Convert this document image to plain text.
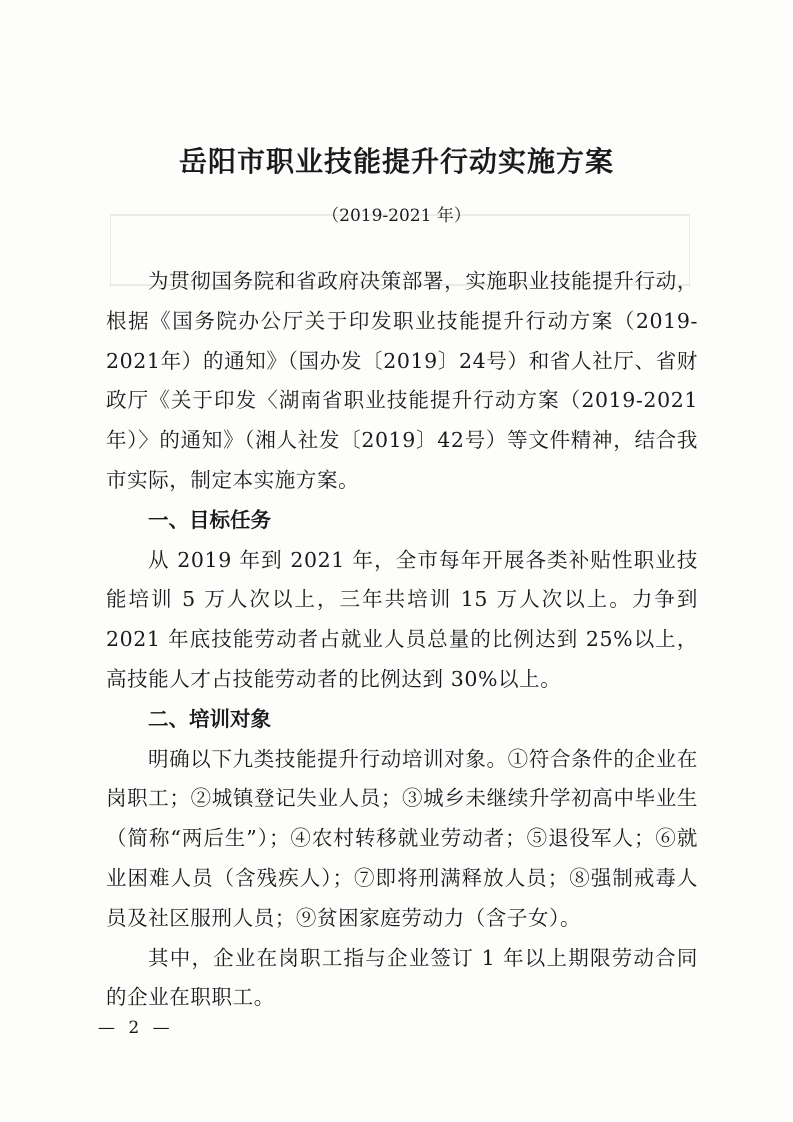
岳阳市职业技能提升行动实施方案
（2019-2021 年）

为贯彻国务院和省政府决策部署，实施职业技能提升行动，根据《国务院办公厅关于印发职业技能提升行动方案（2019-2021年）的通知》（国办发〔2019〕24号）和省人社厅、省财政厅《关于印发〈湖南省职业技能提升行动方案（2019-2021年）〉的通知》（湘人社发〔2019〕42号）等文件精神，结合我市实际，制定本实施方案。

一、目标任务

从 2019 年到 2021 年，全市每年开展各类补贴性职业技能培训 5 万人次以上，三年共培训 15 万人次以上。力争到 2021 年底技能劳动者占就业人员总量的比例达到 25%以上，高技能人才占技能劳动者的比例达到 30%以上。

二、培训对象

明确以下九类技能提升行动培训对象。①符合条件的企业在岗职工；②城镇登记失业人员；③城乡未继续升学初高中毕业生（简称“两后生”）；④农村转移就业劳动者；⑤退役军人；⑥就业困难人员（含残疾人）；⑦即将刑满释放人员；⑧强制戒毒人员及社区服刑人员；⑨贫困家庭劳动力（含子女）。

其中，企业在岗职工指与企业签订 1 年以上期限劳动合同的企业在职职工。

— 2 —
